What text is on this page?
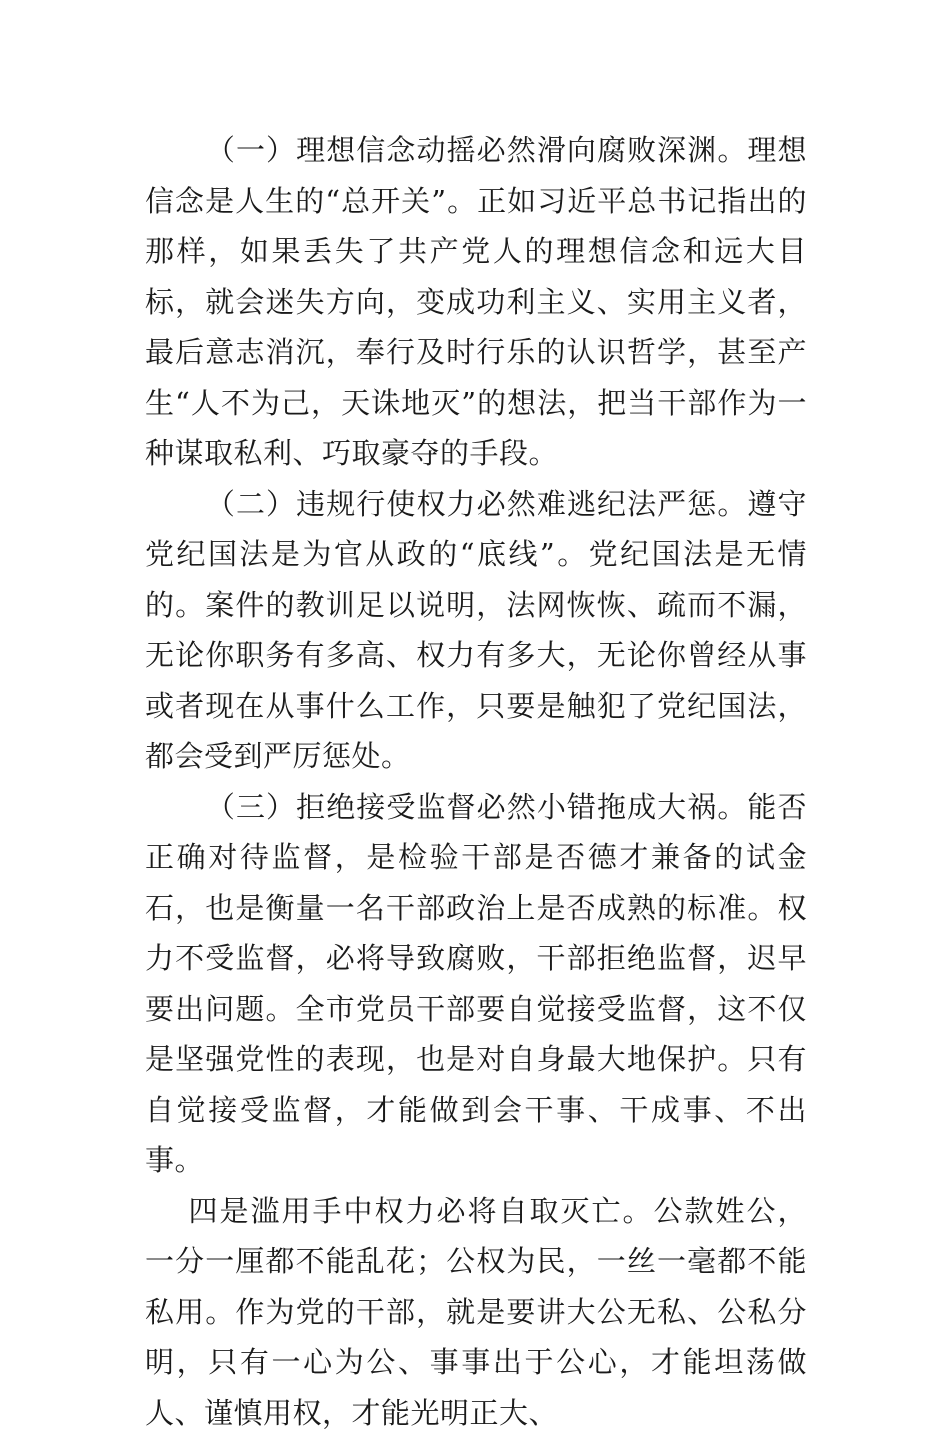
（一）理想信念动摇必然滑向腐败深渊。理想信念是人生的“总开关”。正如习近平总书记指出的那样，如果丢失了共产党人的理想信念和远大目标，就会迷失方向，变成功利主义、实用主义者，最后意志消沉，奉行及时行乐的认识哲学，甚至产生“人不为己，天诛地灭”的想法，把当干部作为一种谋取私利、巧取豪夺的手段。

（二）违规行使权力必然难逃纪法严惩。遵守党纪国法是为官从政的“底线”。党纪国法是无情的。案件的教训足以说明，法网恢恢、疏而不漏，无论你职务有多高、权力有多大，无论你曾经从事或者现在从事什么工作，只要是触犯了党纪国法，都会受到严厉惩处。

（三）拒绝接受监督必然小错拖成大祸。能否正确对待监督，是检验干部是否德才兼备的试金石，也是衡量一名干部政治上是否成熟的标准。权力不受监督，必将导致腐败，干部拒绝监督，迟早要出问题。全市党员干部要自觉接受监督，这不仅是坚强党性的表现，也是对自身最大地保护。只有自觉接受监督，才能做到会干事、干成事、不出事。

四是滥用手中权力必将自取灭亡。公款姓公，一分一厘都不能乱花；公权为民，一丝一毫都不能私用。作为党的干部，就是要讲大公无私、公私分明，只有一心为公、事事出于公心，才能坦荡做人、谨慎用权，才能光明正大、
